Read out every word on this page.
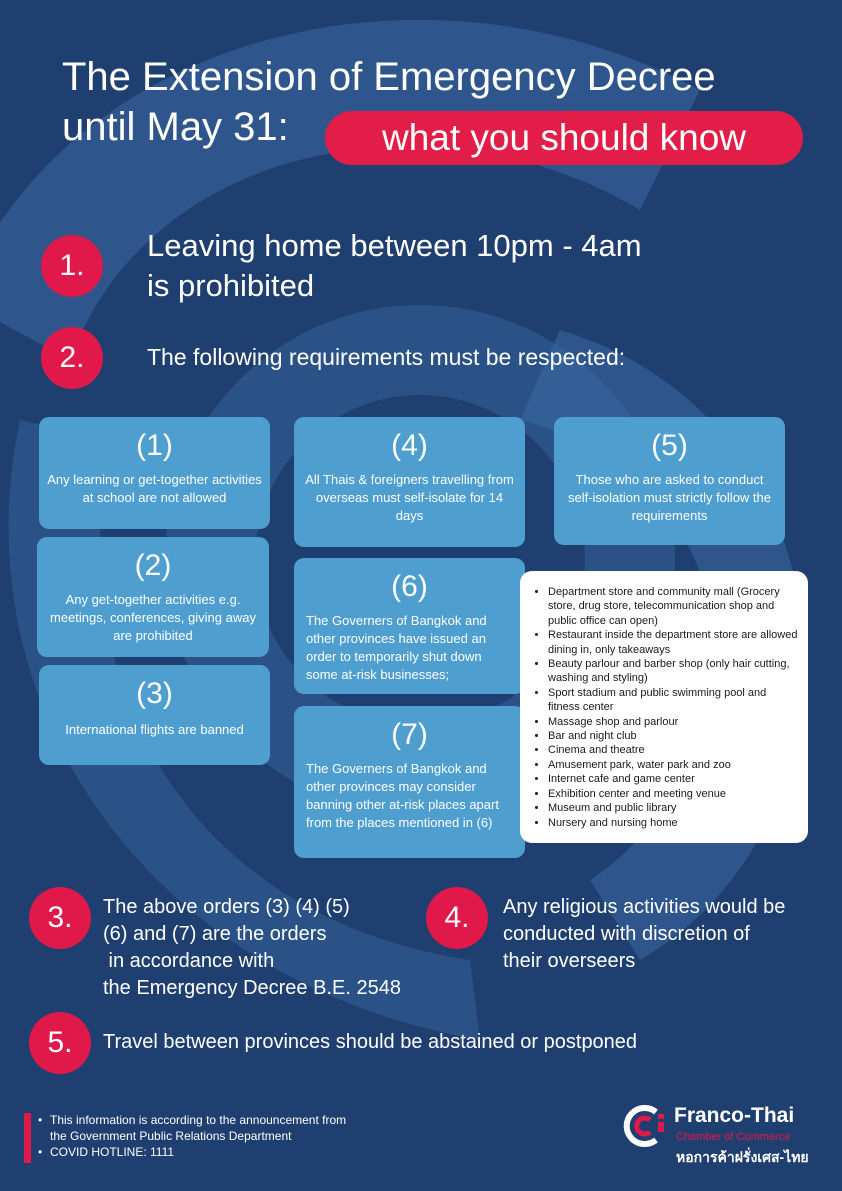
The Extension of Emergency Decree
until May 31:	what you should know
1.
Leaving home between 10pm - 4am
is prohibited
2.	The following requirements must be respected:
(1)
Any learning or get-together activities at school are not allowed
(2)
Any get-together activities e.g. meetings, conferences, giving away are prohibited
(3)
International flights are banned
(4)
All Thais & foreigners travelling from overseas must self-isolate for 14 days
(5)
Those who are asked to conduct self-isolation must strictly follow the requirements
(6)
The Governers of Bangkok and other provinces have issued an order to temporarily shut down some at-risk businesses;
(7)
The Governers of Bangkok and other provinces may consider banning other at-risk places apart from the places mentioned in (6)
• Department store and community mall (Grocery store, drug store, telecommunication shop and public office can open)
• Restaurant inside the department store are allowed dining in, only takeaways
• Beauty parlour and barber shop (only hair cutting, washing and styling)
• Sport stadium and public swimming pool and fitness center
• Massage shop and parlour
• Bar and night club
• Cinema and theatre
• Amusement park, water park and zoo
• Internet cafe and game center
• Exhibition center and meeting venue
• Museum and public library
• Nursery and nursing home
3.	The above orders (3) (4) (5)
(6) and (7) are the orders
in accordance with
the Emergency Decree B.E. 2548
4.	Any religious activities would be
conducted with discretion of
their overseers
5.	Travel between provinces should be abstained or postponed
• This information is according to the announcement from
the Government Public Relations Department
• COVID HOTLINE: 1111
Franco-Thai
Chamber of Commerce
หอการค้าฝรั่งเศส-ไทย
